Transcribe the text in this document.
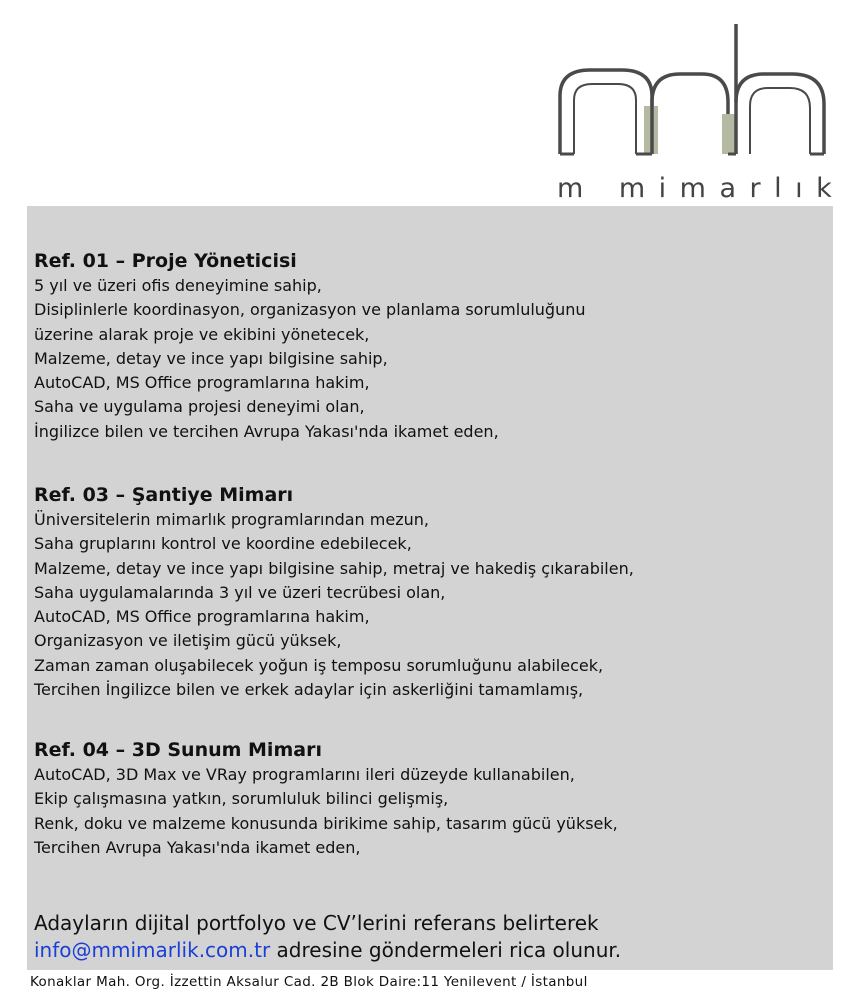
m mimarlık
Ref. 01 – Proje Yöneticisi
5 yıl ve üzeri ofis deneyimine sahip,
Disiplinlerle koordinasyon, organizasyon ve planlama sorumluluğunu
üzerine alarak proje ve ekibini yönetecek,
Malzeme, detay ve ince yapı bilgisine sahip,
AutoCAD, MS Office programlarına hakim,
Saha ve uygulama projesi deneyimi olan,
İngilizce bilen ve tercihen Avrupa Yakası'nda ikamet eden,
Ref. 03 – Şantiye Mimarı
Üniversitelerin mimarlık programlarından mezun,
Saha gruplarını kontrol ve koordine edebilecek,
Malzeme, detay ve ince yapı bilgisine sahip, metraj ve hakediş çıkarabilen,
Saha uygulamalarında 3 yıl ve üzeri tecrübesi olan,
AutoCAD, MS Office programlarına hakim,
Organizasyon ve iletişim gücü yüksek,
Zaman zaman oluşabilecek yoğun iş temposu sorumluğunu alabilecek,
Tercihen İngilizce bilen ve erkek adaylar için askerliğini tamamlamış,
Ref. 04 – 3D Sunum Mimarı
AutoCAD, 3D Max ve VRay programlarını ileri düzeyde kullanabilen,
Ekip çalışmasına yatkın, sorumluluk bilinci gelişmiş,
Renk, doku ve malzeme konusunda birikime sahip, tasarım gücü yüksek,
Tercihen Avrupa Yakası'nda ikamet eden,
Adayların dijital portfolyo ve CV’lerini referans belirterek
info@mmimarlik.com.tr adresine göndermeleri rica olunur.
Konaklar Mah. Org. İzzettin Aksalur Cad. 2B Blok Daire:11 Yenilevent / İstanbul
